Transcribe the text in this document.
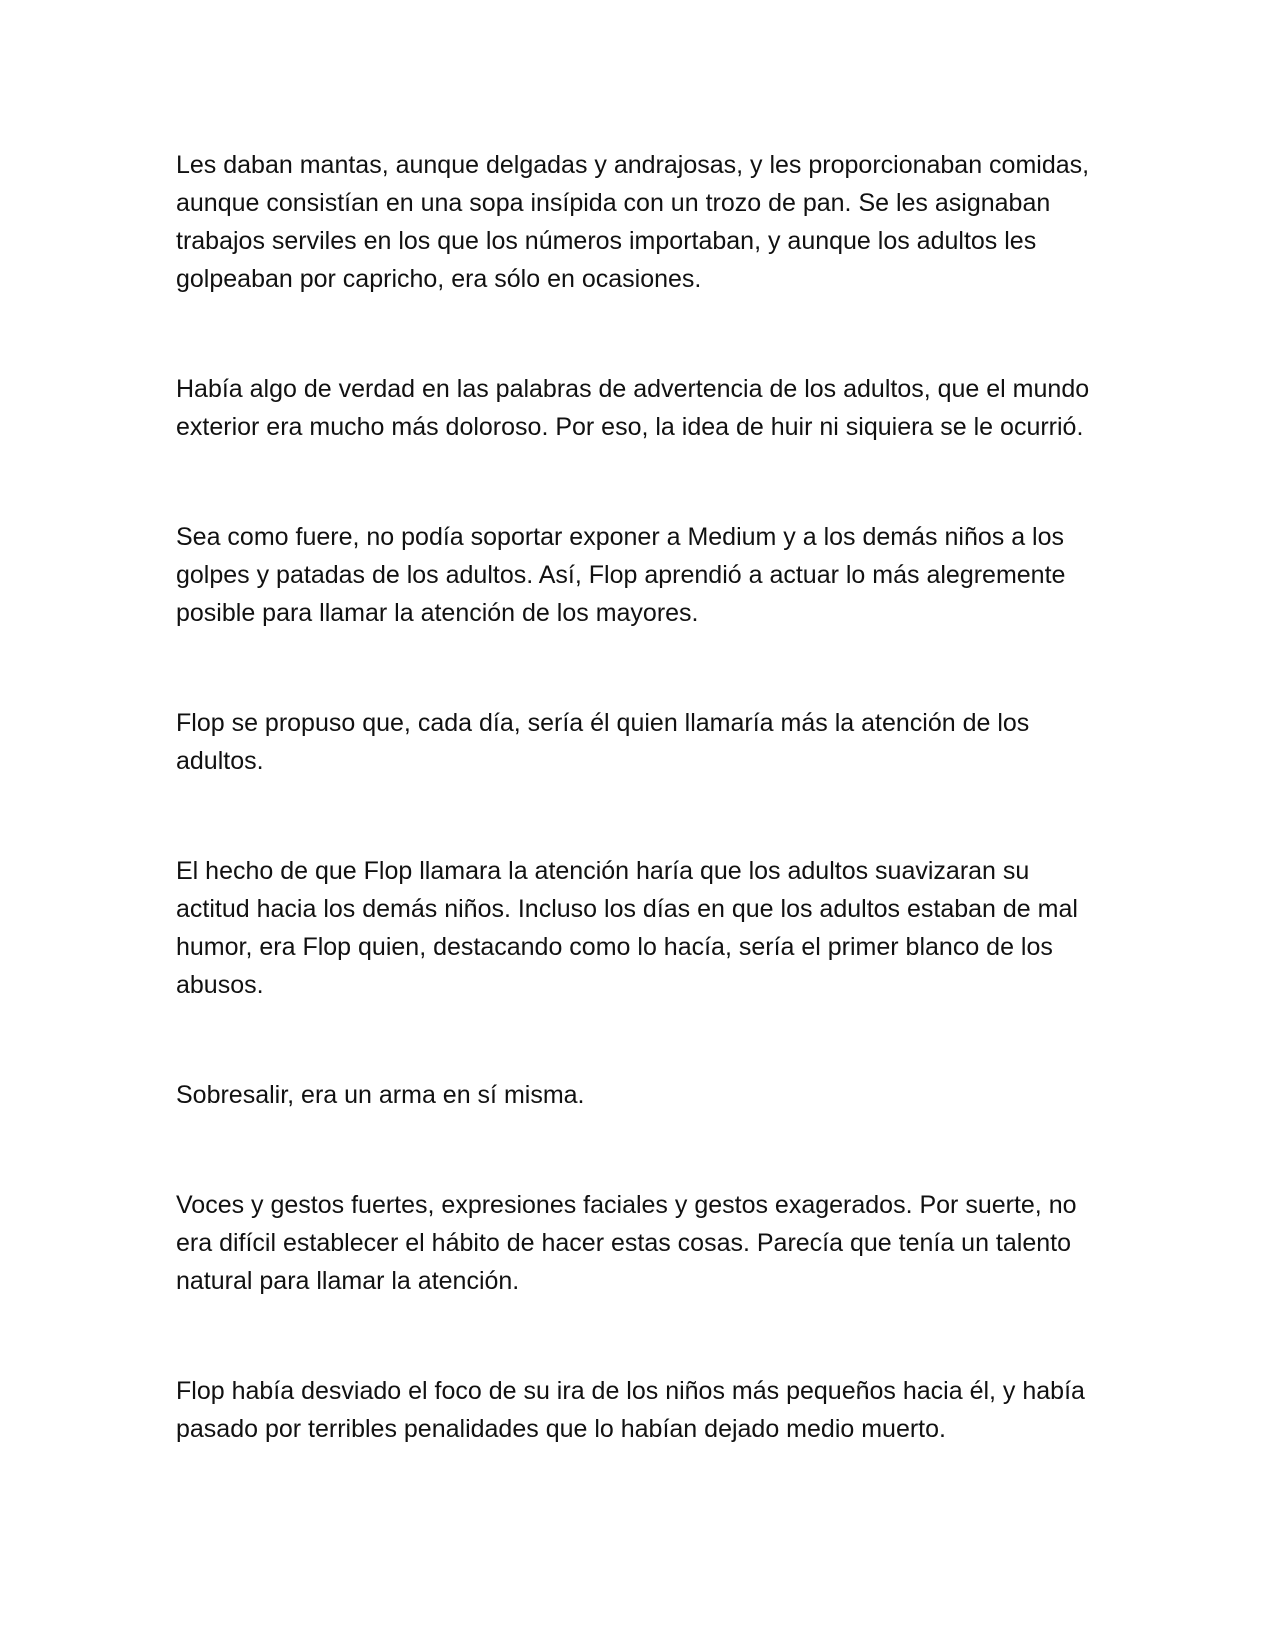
Les daban mantas, aunque delgadas y andrajosas, y les proporcionaban comidas, aunque consistían en una sopa insípida con un trozo de pan. Se les asignaban trabajos serviles en los que los números importaban, y aunque los adultos les golpeaban por capricho, era sólo en ocasiones.

Había algo de verdad en las palabras de advertencia de los adultos, que el mundo exterior era mucho más doloroso. Por eso, la idea de huir ni siquiera se le ocurrió.

Sea como fuere, no podía soportar exponer a Medium y a los demás niños a los golpes y patadas de los adultos. Así, Flop aprendió a actuar lo más alegremente posible para llamar la atención de los mayores.

Flop se propuso que, cada día, sería él quien llamaría más la atención de los adultos.

El hecho de que Flop llamara la atención haría que los adultos suavizaran su actitud hacia los demás niños. Incluso los días en que los adultos estaban de mal humor, era Flop quien, destacando como lo hacía, sería el primer blanco de los abusos.

Sobresalir, era un arma en sí misma.

Voces y gestos fuertes, expresiones faciales y gestos exagerados. Por suerte, no era difícil establecer el hábito de hacer estas cosas. Parecía que tenía un talento natural para llamar la atención.

Flop había desviado el foco de su ira de los niños más pequeños hacia él, y había pasado por terribles penalidades que lo habían dejado medio muerto.
